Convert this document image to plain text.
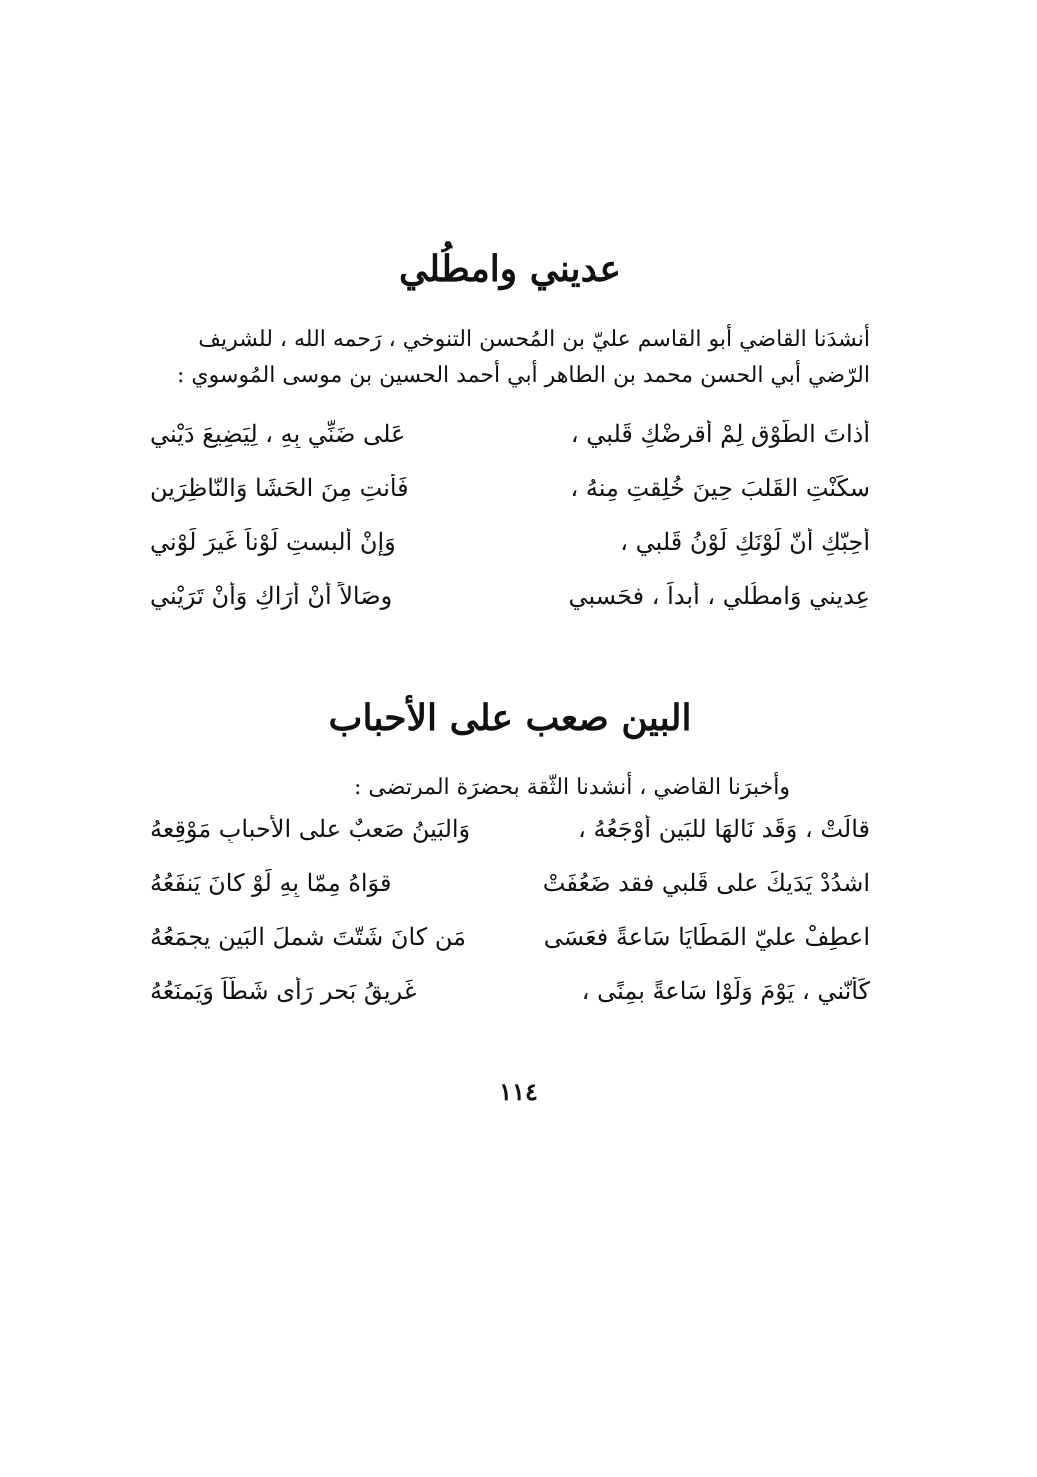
عديني وامطُلي

أنشدَنا القاضي أبو القاسم عليّ بن المُحسن التنوخي ، رَحمه الله ، للشريف

الرّضي أبي الحسن محمد بن الطاهر أبي أحمد الحسين بن موسى المُوسوي :

أذاتَ الطَّوْقِ لِمْ أُقرِضْكِ قَلبي ،
عَلى ضَنِّي بِهِ ، لِيَضِيعَ دَيْني
سكَنْتِ القَلبَ حِينَ خُلِقتِ مِنهُ ،
فَأنتِ مِنَ الحَشَا وَالنّاظِرَينِ
أُحِبّكِ أنّ لَوْنَكِ لَوْنُ قَلبي ،
وَإنْ ألبستِ لَوْناً غَيرَ لَوْني
عِديني وَامطُلي ، أبداً ، فحَسبي
وِصَالاً أنْ أرَاكِ وَأنْ تَرَيْني
البين صعب على الأحباب

وأخبرَنا القاضي ، أنشدنا الثّقة بحضرَة المرتضى :

قالَتْ ، وَقَد نَالهَا للبَينِ أوْجَعُهُ ،
وَالبَينُ صَعبٌ على الأحبابِ مَوْقِعهُ
اشدُدْ يَدَيكَ على قَلبي فقد ضَعُفَتْ
قوَاهُ مِمّا بِهِ لَوْ كانَ يَنفَعُهُ
اعطِفْ عليّ المَطَايَا سَاعةً فعَسَى
مَن كانَ شَتّتَ شملَ البَينِ يجمَعُهُ
كَأنّني ، يَوْمَ وَلّوْا سَاعةً بمِنًى ،
غَرِيقُ بَحرٍ رَأى شَطّاً وَيَمنَعُهُ
١١٤
